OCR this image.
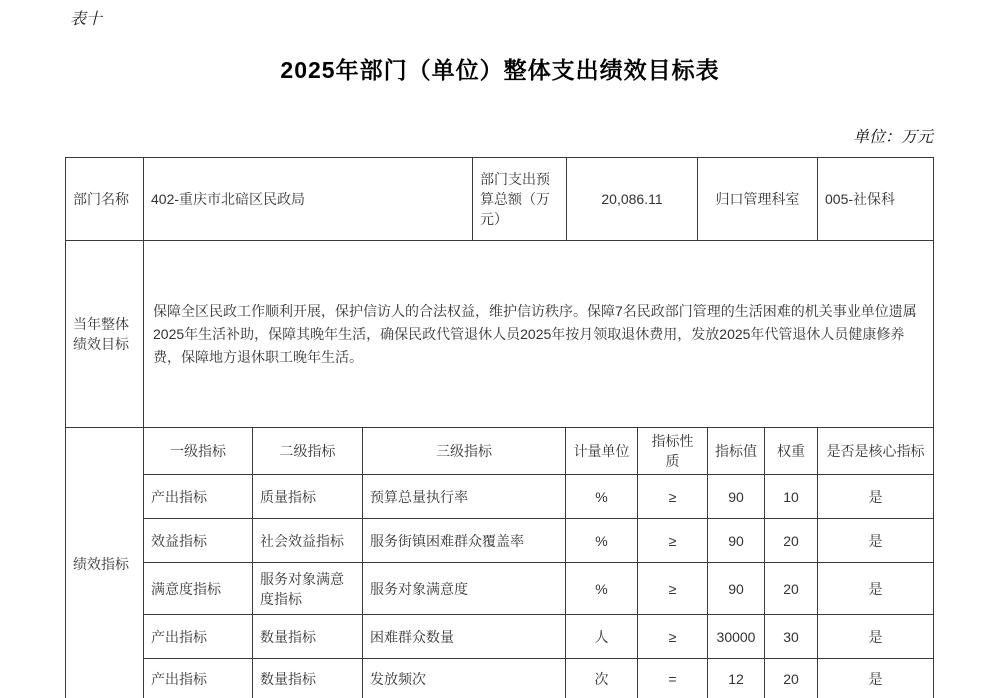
表十
2025年部门（单位）整体支出绩效目标表
单位：万元
部门名称	402-重庆市北碚区民政局	部门支出预算总额（万元）	20,086.11	归口管理科室	005-社保科
当年整体绩效目标	保障全区民政工作顺利开展，保护信访人的合法权益，维护信访秩序。保障7名民政部门管理的生活困难的机关事业单位遗属2025年生活补助，保障其晚年生活，确保民政代管退休人员2025年按月领取退休费用，发放2025年代管退休人员健康修养费，保障地方退休职工晚年生活。
绩效指标	一级指标	二级指标	三级指标	计量单位	指标性质	指标值	权重	是否是核心指标
	产出指标	质量指标	预算总量执行率	%	≥	90	10	是
	效益指标	社会效益指标	服务街镇困难群众覆盖率	%	≥	90	20	是
	满意度指标	服务对象满意度指标	服务对象满意度	%	≥	90	20	是
	产出指标	数量指标	困难群众数量	人	≥	30000	30	是
	产出指标	数量指标	发放频次	次	=	12	20	是
